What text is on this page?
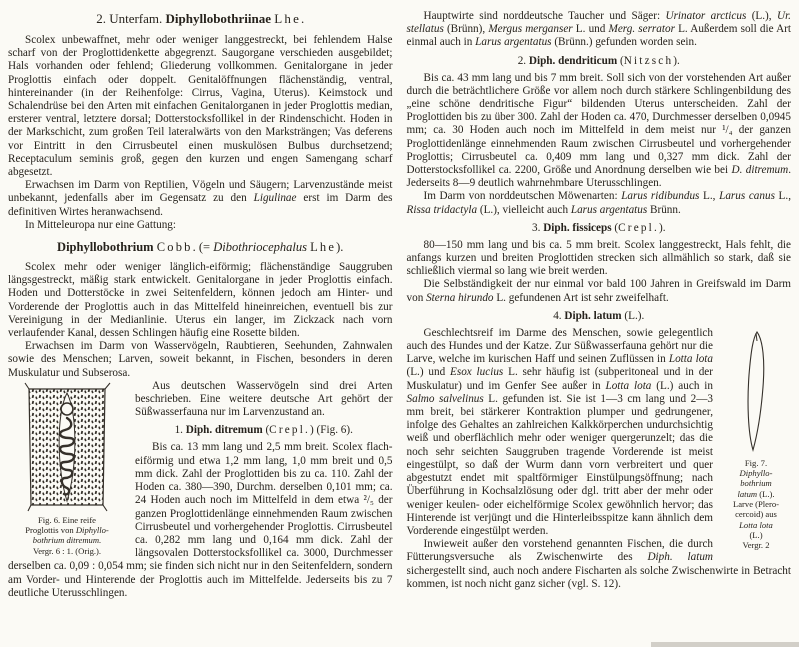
2. Unterfam. Diphyllobothriinae Lhe.
Scolex unbewaffnet, mehr oder weniger langgestreckt, bei fehlendem Halse scharf von der Proglottidenkette abgegrenzt. Saugorgane verschieden ausgebildet; Hals vorhanden oder fehlend; Gliederung vollkommen. Genitalorgane in jeder Proglottis einfach oder doppelt. Genitalöffnungen flächenständig, ventral, hintereinander (in der Reihenfolge: Cirrus, Vagina, Uterus). Keimstock und Schalendrüse bei den Arten mit einfachen Genitalorganen in jeder Proglottis median, ersterer ventral, letztere dorsal; Dotterstocksfollikel in der Rindenschicht. Hoden in der Markschicht, zum großen Teil lateralwärts von den Marksträngen; Vas deferens vor Eintritt in den Cirrusbeutel einen muskulösen Bulbus durchsetzend; Receptaculum seminis groß, gegen den kurzen und engen Samengang scharf abgesetzt.
Erwachsen im Darm von Reptilien, Vögeln und Säugern; Larvenzustände meist unbekannt, jedenfalls aber im Gegensatz zu den Ligulinae erst im Darm des definitiven Wirtes heranwachsend.
In Mitteleuropa nur eine Gattung:
Diphyllobothrium Cobb. (= Dibothriocephalus Lhe).
Scolex mehr oder weniger länglich-eiförmig; flächenständige Sauggruben längsgestreckt, mäßig stark entwickelt. Genitalorgane in jeder Proglottis einfach. Hoden und Dotterstöcke in zwei Seitenfeldern, können jedoch am Hinter- und Vorderende der Proglottis auch in das Mittelfeld hineinreichen, eventuell bis zur Vereinigung in der Medianlinie. Uterus ein langer, im Zickzack nach vorn verlaufender Kanal, dessen Schlingen häufig eine Rosette bilden.
Erwachsen im Darm von Wasservögeln, Raubtieren, Seehunden, Zahnwalen sowie des Menschen; Larven, soweit bekannt, in Fischen, besonders in deren Muskulatur und Subserosa.
Fig. 6. Eine reife
Proglottis von Diphyllo-
bothrium ditremum.
Vergr. 6 : 1. (Orig.).
Aus deutschen Wasservögeln sind drei Arten beschrieben. Eine weitere deutsche Art gehört der Süßwasserfauna nur im Larvenzustand an.
1. Diph. ditremum (Crepl.) (Fig. 6).
Bis ca. 13 mm lang und 2,5 mm breit. Scolex flach-eiförmig und etwa 1,2 mm lang, 1,0 mm breit und 0,5 mm dick. Zahl der Proglottiden bis zu ca. 110. Zahl der Hoden ca. 380—390, Durchm. derselben 0,101 mm; ca. 24 Hoden auch noch im Mittelfeld in dem etwa ²/₅ der ganzen Proglottidenlänge einnehmenden Raum zwischen Cirrusbeutel und vorhergehender Proglottis. Cirrusbeutel ca. 0,282 mm lang und 0,164 mm dick. Zahl der längsovalen Dotterstocksfollikel ca. 3000, Durchmesser derselben ca. 0,09 : 0,054 mm; sie finden sich nicht nur in den Seitenfeldern, sondern am Vorder- und Hinterende der Proglottis auch im Mittelfelde. Jederseits bis zu 7 deutliche Uterusschlingen.
Hauptwirte sind norddeutsche Taucher und Säger: Urinator arcticus (L.), Ur. stellatus (Brünn), Mergus merganser L. und Merg. serrator L. Außerdem soll die Art einmal auch in Larus argentatus (Brünn.) gefunden worden sein.
2. Diph. dendriticum (Nitzsch).
Bis ca. 43 mm lang und bis 7 mm breit. Soll sich von der vorstehenden Art außer durch die beträchtlichere Größe vor allem noch durch stärkere Schlingenbildung des „eine schöne dendritische Figur“ bildenden Uterus unterscheiden. Zahl der Proglottiden bis zu über 300. Zahl der Hoden ca. 470, Durchmesser derselben 0,0945 mm; ca. 30 Hoden auch noch im Mittelfeld in dem meist nur ¹/₄ der ganzen Proglottidenlänge einnehmenden Raum zwischen Cirrusbeutel und vorhergehender Proglottis; Cirrusbeutel ca. 0,409 mm lang und 0,327 mm dick. Zahl der Dotterstocksfollikel ca. 2200, Größe und Anordnung derselben wie bei D. ditremum. Jederseits 8—9 deutlich wahrnehmbare Uterusschlingen.
Im Darm von norddeutschen Möwenarten: Larus ridibundus L., Larus canus L., Rissa tridactyla (L.), vielleicht auch Larus argentatus Brünn.
3. Diph. fissiceps (Crepl.).
80—150 mm lang und bis ca. 5 mm breit. Scolex langgestreckt, Hals fehlt, die anfangs kurzen und breiten Proglottiden strecken sich allmählich so stark, daß sie schließlich viermal so lang wie breit werden.
Die Selbständigkeit der nur einmal vor bald 100 Jahren in Greifswald im Darm von Sterna hirundo L. gefundenen Art ist sehr zweifelhaft.
4. Diph. latum (L.).
Fig. 7.
Diphyllo-
bothrium
latum (L.).
Larve (Plero-
cercoid) aus
Lotta lota
(L.)
Vergr. 2
Geschlechtsreif im Darme des Menschen, sowie gelegentlich auch des Hundes und der Katze. Zur Süßwasserfauna gehört nur die Larve, welche im kurischen Haff und seinen Zuflüssen in Lotta lota (L.) und Esox lucius L. sehr häufig ist (subperitoneal und in der Muskulatur) und im Genfer See außer in Lotta lota (L.) auch in Salmo salvelinus L. gefunden ist. Sie ist 1—3 cm lang und 2—3 mm breit, bei stärkerer Kontraktion plumper und gedrungener, infolge des Gehaltes an zahlreichen Kalkkörperchen undurchsichtig weiß und oberflächlich mehr oder weniger quergerunzelt; das die noch sehr seichten Sauggruben tragende Vorderende ist meist eingestülpt, so daß der Wurm dann vorn verbreitert und quer abgestutzt endet mit spaltförmiger Einstülpungsöffnung; nach Überführung in Kochsalzlösung oder dgl. tritt aber der mehr oder weniger keulen- oder eichelförmige Scolex gewöhnlich hervor; das Hinterende ist verjüngt und die Hinterleibsspitze kann ähnlich dem Vorderende eingestülpt werden.
Inwieweit außer den vorstehend genannten Fischen, die durch Fütterungsversuche als Zwischenwirte des Diph. latum sichergestellt sind, auch noch andere Fischarten als solche Zwischenwirte in Betracht kommen, ist noch nicht ganz sicher (vgl. S. 12).
